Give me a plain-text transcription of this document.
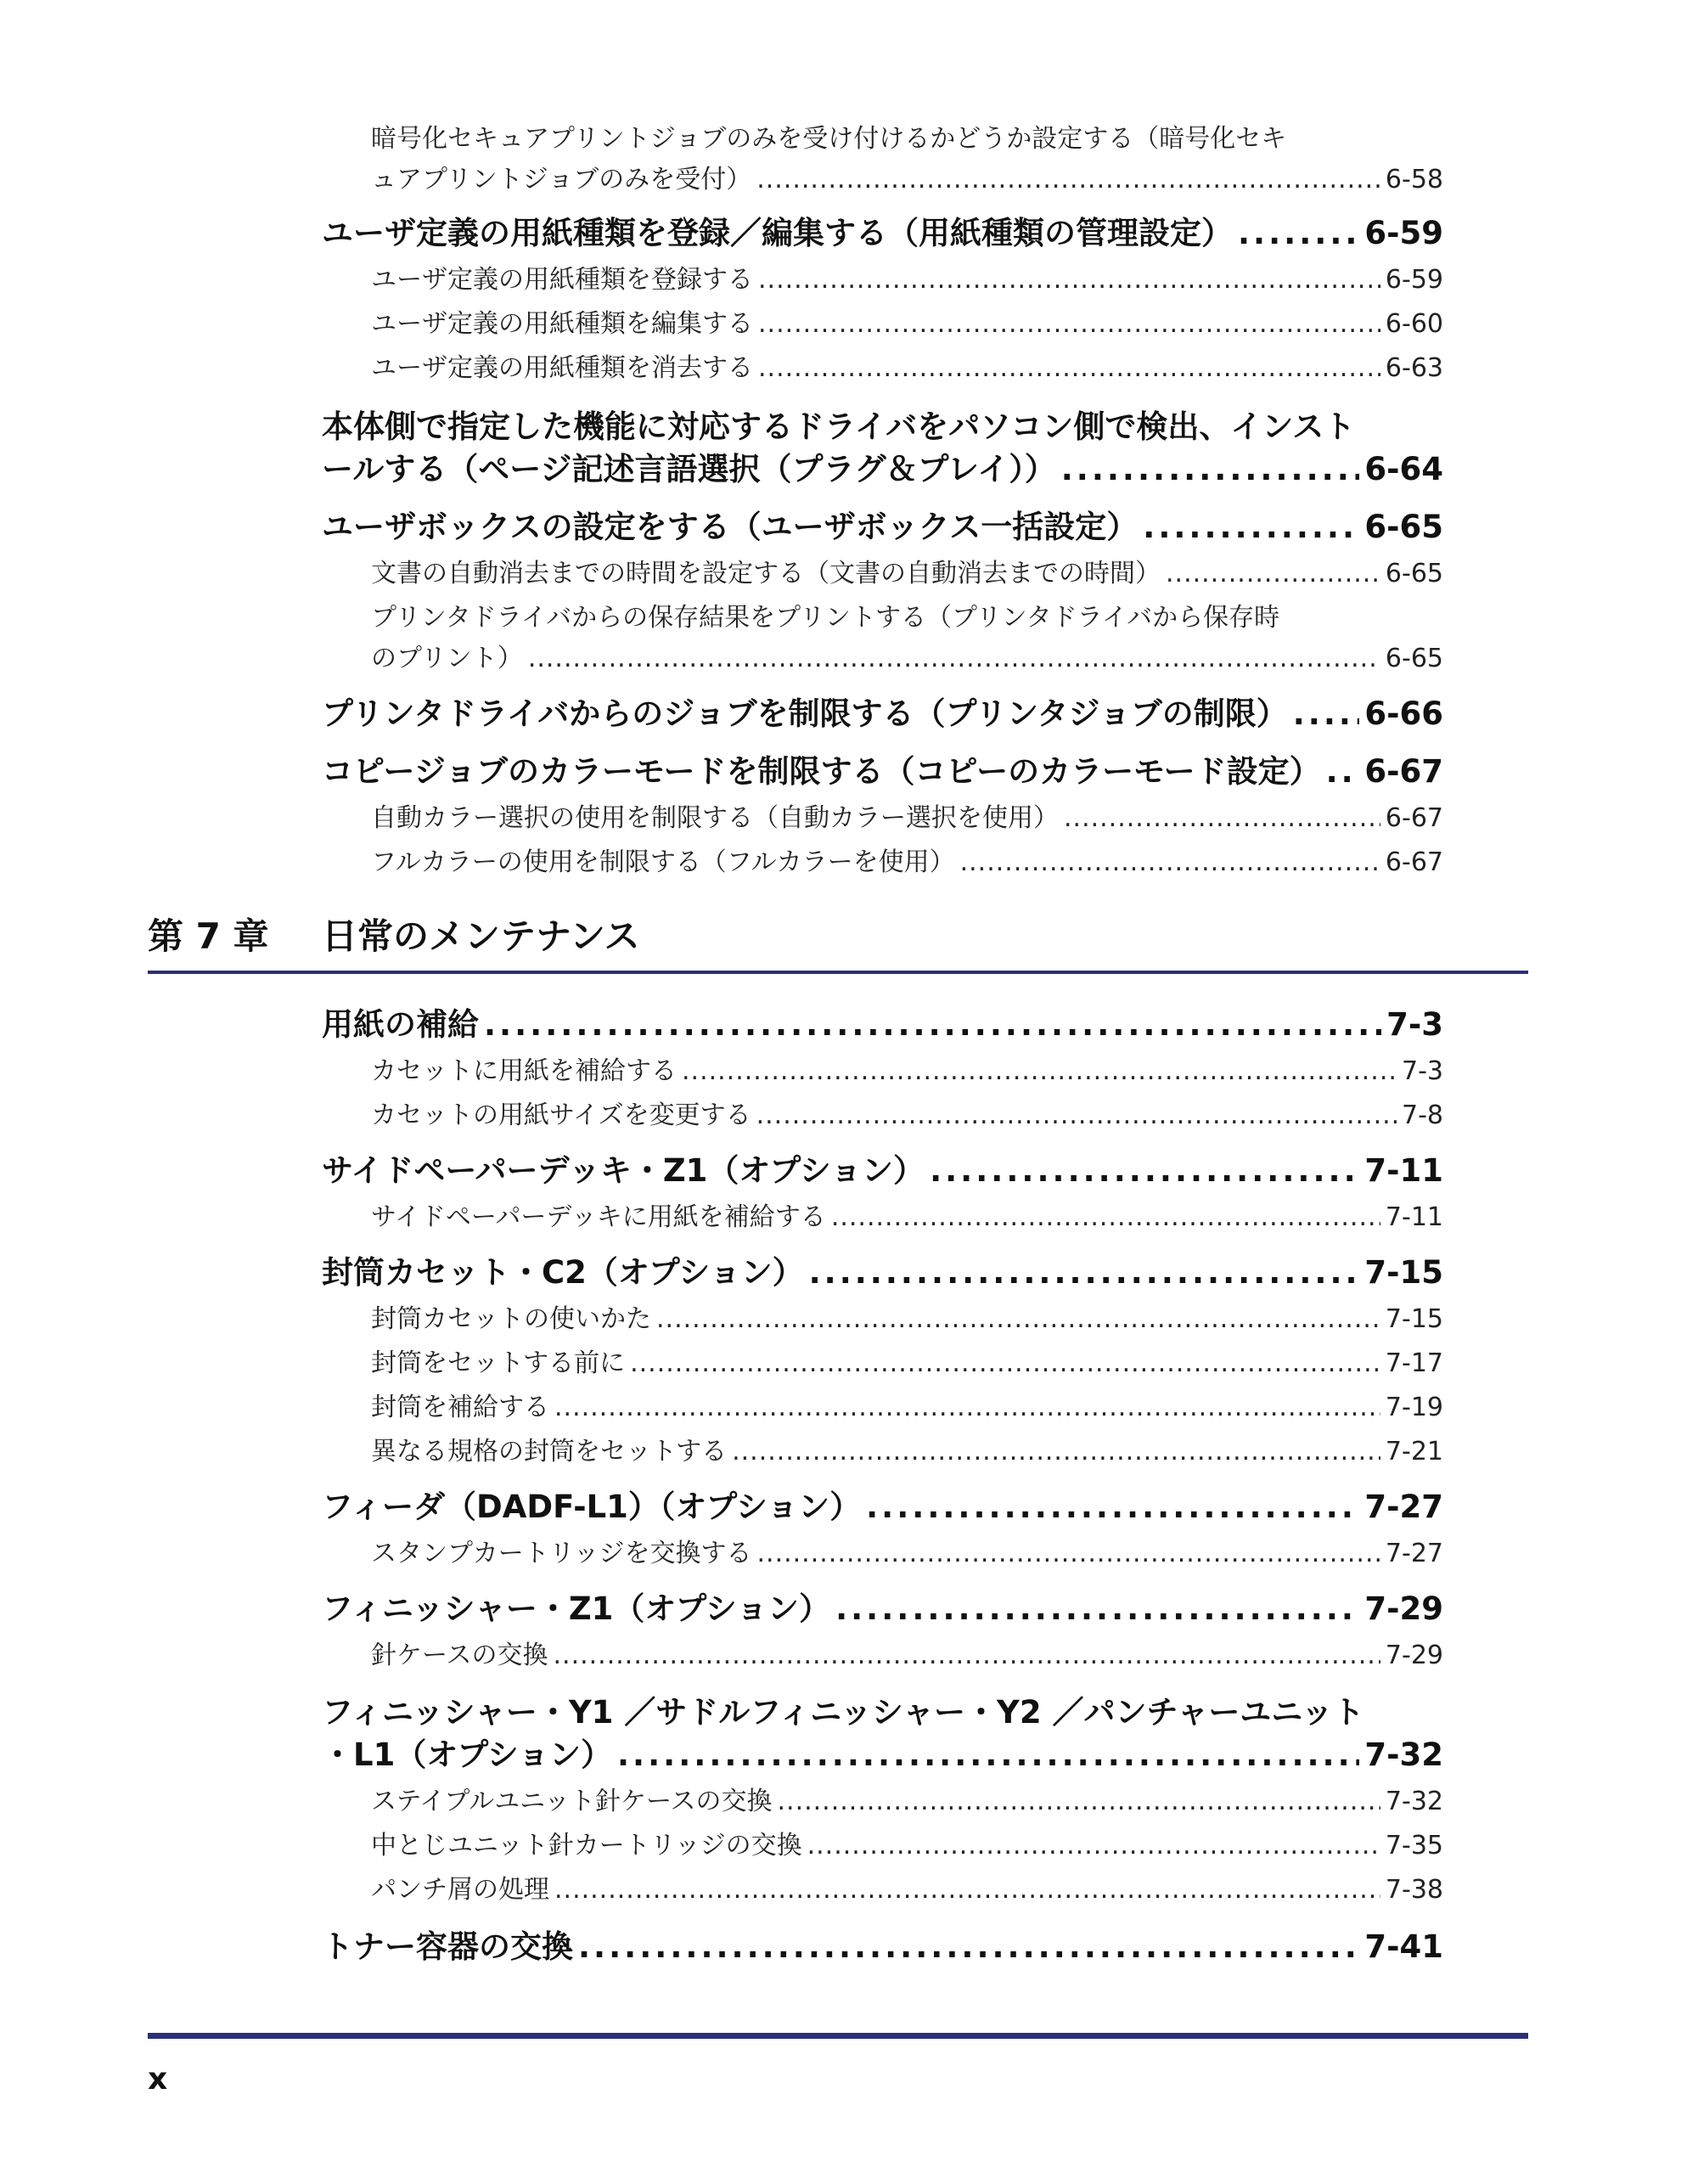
暗号化セキュアプリントジョブのみを受け付けるかどうか設定する（暗号化セキ
ュアプリントジョブのみを受付） .....	6-58
ユーザ定義の用紙種類を登録／編集する（用紙種類の管理設定） .....	6-59
ユーザ定義の用紙種類を登録する .....	6-59
ユーザ定義の用紙種類を編集する .....	6-60
ユーザ定義の用紙種類を消去する .....	6-63
本体側で指定した機能に対応するドライバをパソコン側で検出、インスト
ールする（ページ記述言語選択（プラグ＆プレイ）） .....	6-64
ユーザボックスの設定をする（ユーザボックス一括設定） .....	6-65
文書の自動消去までの時間を設定する（文書の自動消去までの時間） .....	6-65
プリンタドライバからの保存結果をプリントする（プリンタドライバから保存時
のプリント） .....	6-65
プリンタドライバからのジョブを制限する（プリンタジョブの制限） ..... 6-66
コピージョブのカラーモードを制限する（コピーのカラーモード設定） ..... 6-67
自動カラー選択の使用を制限する（自動カラー選択を使用） .....	6-67
フルカラーの使用を制限する（フルカラーを使用） .....	6-67
第 7 章 日常のメンテナンス
用紙の補給 .....	7-3
カセットに用紙を補給する .....	7-3
カセットの用紙サイズを変更する .....	7-8
サイドペーパーデッキ・Z1（オプション） .....	7-11
サイドペーパーデッキに用紙を補給する .....	7-11
封筒カセット・C2（オプション） .....	7-15
封筒カセットの使いかた .....	7-15
封筒をセットする前に .....	7-17
封筒を補給する .....	7-19
異なる規格の封筒をセットする .....	7-21
フィーダ（DADF-L1）（オプション） .....	7-27
スタンプカートリッジを交換する .....	7-27
フィニッシャー・Z1（オプション） .....	7-29
針ケースの交換 .....	7-29
フィニッシャー・Y1 ／サドルフィニッシャー・Y2 ／パンチャーユニット
・L1（オプション） .....	7-32
ステイプルユニット針ケースの交換 .....	7-32
中とじユニット針カートリッジの交換 .....	7-35
パンチ屑の処理 .....	7-38
トナー容器の交換 .....	7-41
x
